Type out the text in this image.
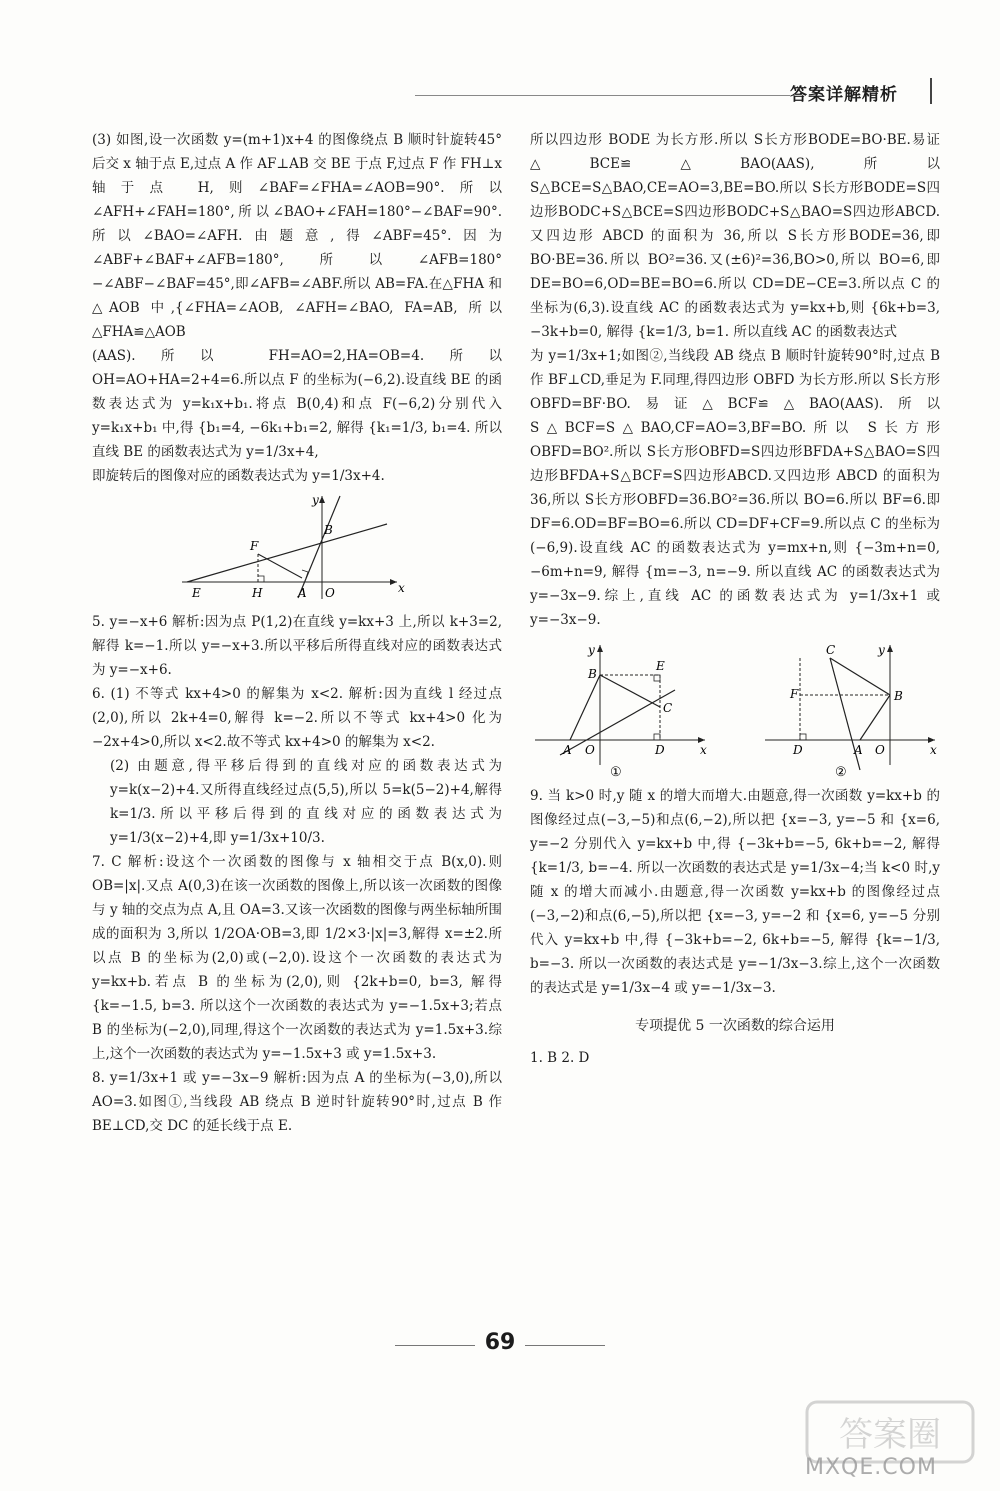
答案详解精析

(3) 如图,设一次函数 y=(m+1)x+4 的图像绕点 B 顺时针旋转45°后交 x 轴于点 E,过点 A 作 AF⊥AB 交 BE 于点 F,过点 F 作 FH⊥x 轴于点 H,则∠BAF=∠FHA=∠AOB=90°.所以∠AFH+∠FAH=180°,所以∠BAO+∠FAH=180°−∠BAF=90°.所以∠BAO=∠AFH.由题意,得∠ABF=45°.因为∠ABF+∠BAF+∠AFB=180°,所以∠AFB=180°−∠ABF−∠BAF=45°,即∠AFB=∠ABF.所以 AB=FA.在△FHA 和△AOB 中,{∠FHA=∠AOB, ∠AFH=∠BAO, FA=AB, 所以△FHA≌△AOB

(AAS).所以 FH=AO=2,HA=OB=4.所以 OH=AO+HA=2+4=6.所以点 F 的坐标为(−6,2).设直线 BE 的函数表达式为 y=k₁x+b₁.将点 B(0,4)和点 F(−6,2)分别代入 y=k₁x+b₁ 中,得 {b₁=4, −6k₁+b₁=2, 解得 {k₁=1/3, b₁=4. 所以直线 BE 的函数表达式为 y=1/3x+4,

即旋转后的图像对应的函数表达式为 y=1/3x+4.

x
y
E	H	A O
F
B

5. y=−x+6 解析:因为点 P(1,2)在直线 y=kx+3 上,所以 k+3=2,解得 k=−1.所以 y=−x+3.所以平移后所得直线对应的函数表达式为 y=−x+6.

6. (1) 不等式 kx+4>0 的解集为 x<2. 解析:因为直线 l 经过点(2,0),所以 2k+4=0,解得 k=−2.所以不等式 kx+4>0 化为 −2x+4>0,所以 x<2.故不等式 kx+4>0 的解集为 x<2.

(2) 由题意,得平移后得到的直线对应的函数表达式为 y=k(x−2)+4.又所得直线经过点(5,5),所以 5=k(5−2)+4,解得 k=1/3.所以平移后得到的直线对应的函数表达式为 y=1/3(x−2)+4,即 y=1/3x+10/3.

7. C 解析:设这个一次函数的图像与 x 轴相交于点 B(x,0).则 OB=|x|.又点 A(0,3)在该一次函数的图像上,所以该一次函数的图像与 y 轴的交点为点 A,且 OA=3.又该一次函数的图像与两坐标轴所围成的面积为 3,所以 1/2OA·OB=3,即 1/2×3·|x|=3,解得 x=±2.所以点 B 的坐标为(2,0)或(−2,0).设这个一次函数的表达式为 y=kx+b.若点 B 的坐标为(2,0),则 {2k+b=0, b=3, 解得 {k=−1.5, b=3. 所以这个一次函数的表达式为 y=−1.5x+3;若点 B 的坐标为(−2,0),同理,得这个一次函数的表达式为 y=1.5x+3.综上,这个一次函数的表达式为 y=−1.5x+3 或 y=1.5x+3.

8. y=1/3x+1 或 y=−3x−9 解析:因为点 A 的坐标为(−3,0),所以 AO=3.如图①,当线段 AB 绕点 B 逆时针旋转90°时,过点 B 作 BE⊥CD,交 DC 的延长线于点 E.

所以四边形 BODE 为长方形.所以 S长方形BODE=BO·BE.易证△BCE≌△BAO(AAS),所以 S△BCE=S△BAO,CE=AO=3,BE=BO.所以 S长方形BODE=S四边形BODC+S△BCE=S四边形BODC+S△BAO=S四边形ABCD.又四边形 ABCD 的面积为 36,所以 S长方形BODE=36,即 BO·BE=36.所以 BO²=36.又(±6)²=36,BO>0,所以 BO=6,即 DE=BO=6,OD=BE=BO=6.所以 CD=DE−CE=3.所以点 C 的坐标为(6,3).设直线 AC 的函数表达式为 y=kx+b,则 {6k+b=3, −3k+b=0, 解得 {k=1/3, b=1. 所以直线 AC 的函数表达式

为 y=1/3x+1;如图②,当线段 AB 绕点 B 顺时针旋转90°时,过点 B 作 BF⊥CD,垂足为 F.同理,得四边形 OBFD 为长方形.所以 S长方形OBFD=BF·BO.易证△BCF≌△BAO(AAS).所以 S△BCF=S△BAO,CF=AO=3,BF=BO.所以 S长方形OBFD=BO².所以 S长方形OBFD=S四边形BFDA+S△BAO=S四边形BFDA+S△BCF=S四边形ABCD.又四边形 ABCD 的面积为 36,所以 S长方形OBFD=36.BO²=36.所以 BO=6.所以 BF=6.即 DF=6.OD=BF=BO=6.所以 CD=DF+CF=9.所以点 C 的坐标为(−6,9).设直线 AC 的函数表达式为 y=mx+n,则 {−3m+n=0, −6m+n=9, 解得 {m=−3, n=−9. 所以直线 AC 的函数表达式为 y=−3x−9.综上,直线 AC 的函数表达式为 y=1/3x+1 或 y=−3x−9.

x
y
A O	D
B
E
C
①
x
y
A O
D
B
F
C
②

9. 当 k>0 时,y 随 x 的增大而增大.由题意,得一次函数 y=kx+b 的图像经过点(−3,−5)和点(6,−2),所以把 {x=−3, y=−5 和 {x=6, y=−2 分别代入 y=kx+b 中,得 {−3k+b=−5, 6k+b=−2, 解得 {k=1/3, b=−4. 所以一次函数的表达式是 y=1/3x−4;当 k<0 时,y 随 x 的增大而减小.由题意,得一次函数 y=kx+b 的图像经过点(−3,−2)和点(6,−5),所以把 {x=−3, y=−2 和 {x=6, y=−5 分别代入 y=kx+b 中,得 {−3k+b=−2, 6k+b=−5, 解得 {k=−1/3, b=−3. 所以一次函数的表达式是 y=−1/3x−3.综上,这个一次函数的表达式是 y=1/3x−4 或 y=−1/3x−3.

专项提优 5 一次函数的综合运用

1. B 2. D

69
答案圈
MXQE.COM
